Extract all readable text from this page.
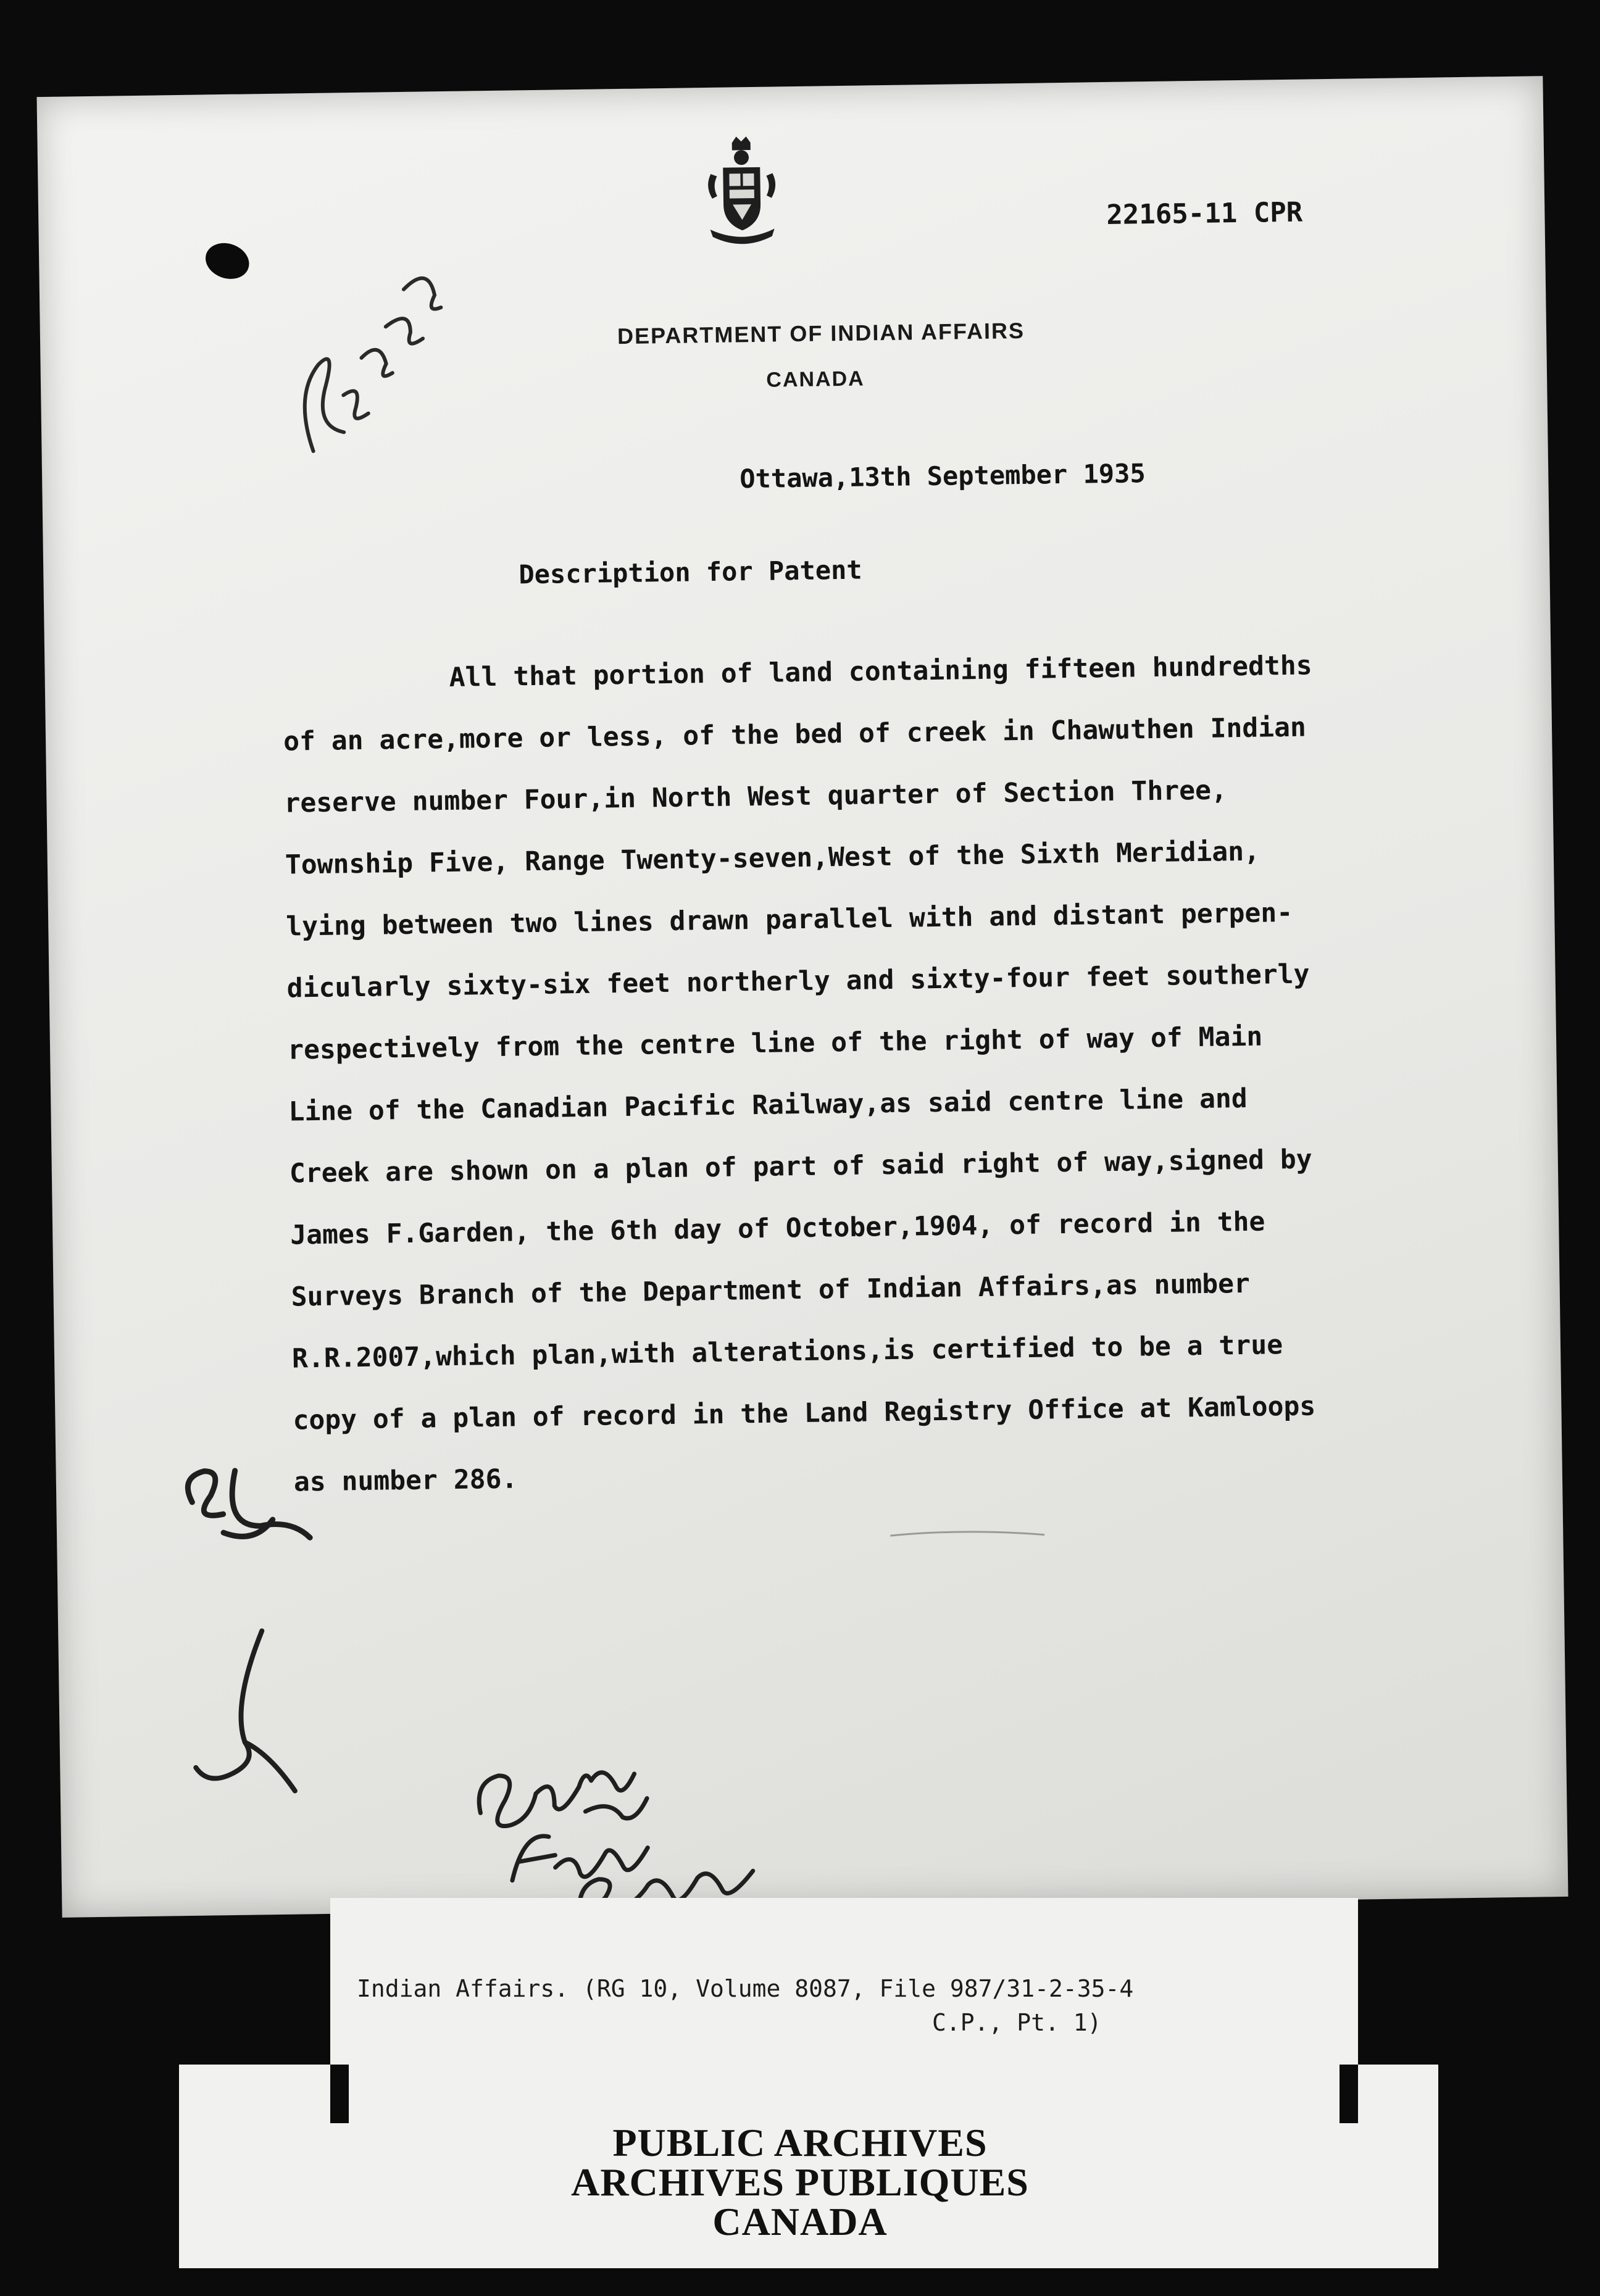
22165-11 CPR
DEPARTMENT OF INDIAN AFFAIRS
CANADA
Ottawa,13th September 1935
Description for Patent
All that portion of land containing fifteen hundredths
of an acre,more or less, of the bed of creek in Chawuthen Indian
reserve number Four,in North West quarter of Section Three,
Township Five, Range Twenty-seven,West of the Sixth Meridian,
lying between two lines drawn parallel with and distant perpen-
dicularly sixty-six feet northerly and sixty-four feet southerly
respectively from the centre line of the right of way of Main
Line of the Canadian Pacific Railway,as said centre line and
Creek are shown on a plan of part of said right of way,signed by
James F.Garden, the 6th day of October,1904, of record in the
Surveys Branch of the Department of Indian Affairs,as number
R.R.2007,which plan,with alterations,is certified to be a true
copy of a plan of record in the Land Registry Office at Kamloops
as number 286.
Indian Affairs. (RG 10, Volume 8087, File 987/31-2-35-4
C.P., Pt. 1)
PUBLIC ARCHIVES
ARCHIVES PUBLIQUES
CANADA
